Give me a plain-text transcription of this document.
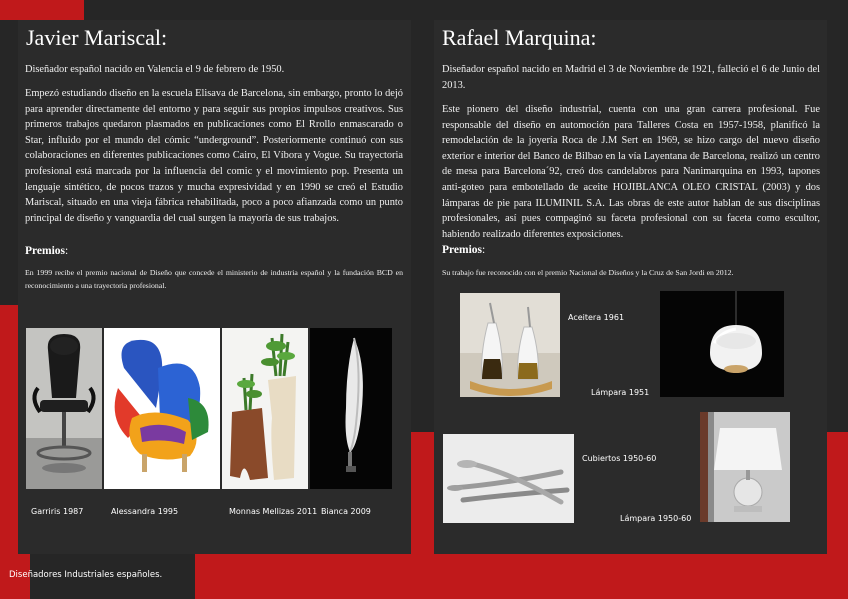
Javier Mariscal:
Diseñador español nacido en Valencia el 9 de febrero de 1950.
Empezó estudiando diseño en la escuela Elisava de Barcelona, sin embargo, pronto lo dejó para aprender directamente del entorno y para seguir sus propios impulsos creativos. Sus primeros trabajos quedaron plasmados en publicaciones como El Rrollo enmascarado o Star, influido por el mundo del cómic “underground”. Posteriormente continuó con sus colaboraciones en diferentes publicaciones como Cairo, El Víbora y Vogue. Su trayectoria profesional está marcada por la influencia del comic y el movimiento pop. Presenta un lenguaje sintético, de pocos trazos y mucha expresividad y en 1990 se creó el Estudio Mariscal, situado en una vieja fábrica rehabilitada, poco a poco afianzada como un punto principal de diseño y vanguardia del cual surgen la mayoría de sus trabajos.
Premios:
En 1999 recibe el premio nacional de Diseño que concede el ministerio de industria español y la fundación BCD en reconocimiento a una trayectoria profesional.
Garriris 1987	Alessandra 1995	Monnas Mellizas 2011 Bianca 2009
Rafael Marquina:
Diseñador español nacido en Madrid el 3 de Noviembre de 1921, falleció el 6 de Junio del 2013.
Este pionero del diseño industrial, cuenta con una gran carrera profesional. Fue responsable del diseño en automoción para Talleres Costa en 1957-1958, planificó la remodelación de la joyería Roca de J.M Sert en 1969, se hizo cargo del nuevo diseño exterior e interior del Banco de Bilbao en la vía Layentana de Barcelona, realizó un centro de mesa para Barcelona´92, creó dos candelabros para Nanimarquina en 1993, tapones anti-goteo para embotellado de aceite HOJIBLANCA OLEO CRISTAL (2003) y dos lámparas de pie para ILUMINIL S.A. Las obras de este autor hablan de sus disciplinas profesionales, así pues compaginó su faceta profesional con su faceta como escultor, habiendo realizado diferentes exposiciones.
Premios:
Su trabajo fue reconocido con el premio Nacional de Diseños y la Cruz de San Jordi en 2012.
Aceitera 1961
Lámpara 1951
Cubiertos 1950-60
Lámpara 1950-60
Diseñadores Industriales españoles.
